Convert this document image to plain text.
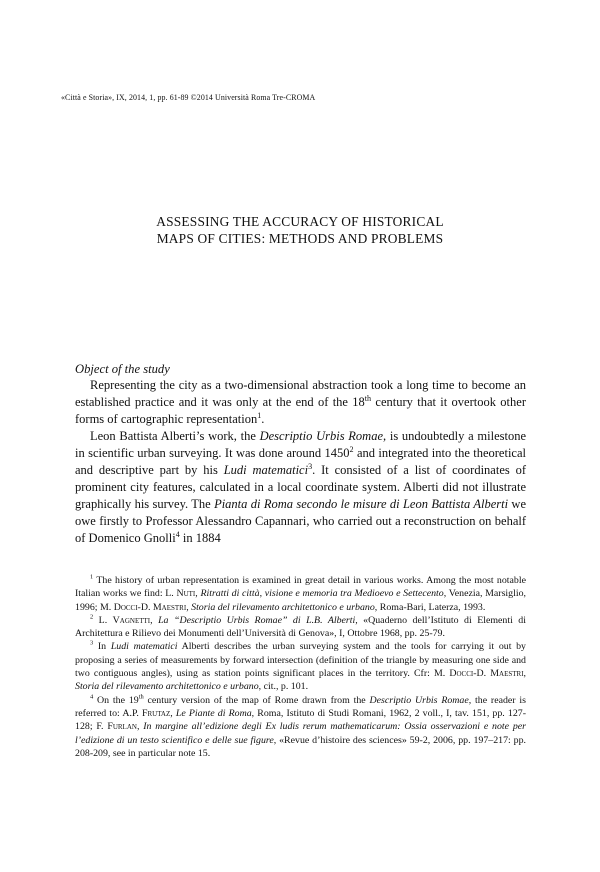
«Città e Storia», IX, 2014, 1, pp. 61-89 ©2014 Università Roma Tre-CROMA
ASSESSING THE ACCURACY OF HISTORICAL
MAPS OF CITIES: METHODS AND PROBLEMS
Object of the study

Representing the city as a two-dimensional abstraction took a long time to become an established practice and it was only at the end of the 18th century that it overtook other forms of cartographic representation$^1$.

Leon Battista Alberti’s work, the Descriptio Urbis Romae, is undoubtedly a milestone in scientific urban surveying. It was done around 1450$^2$ and integrated into the theoretical and descriptive part by his Ludi matematici$^3$. It consisted of a list of coordinates of prominent city features, calculated in a local coordinate system. Alberti did not illustrate graphically his survey. The Pianta di Roma secondo le misure di Leon Battista Alberti we owe firstly to Professor Alessandro Capannari, who carried out a reconstruction on behalf of Domenico Gnolli$^4$ in 1884

$^1$ The history of urban representation is examined in great detail in various works. Among the most notable Italian works we find: L. Nuti, Ritratti di città, visione e memoria tra Medioevo e Settecento, Venezia, Marsiglio, 1996; M. Docci-D. Maestri, Storia del rilevamento architettonico e urbano, Roma-Bari, Laterza, 1993.

$^2$ L. Vagnetti, La “Descriptio Urbis Romae” di L.B. Alberti, «Quaderno dell’Istituto di Elementi di Architettura e Rilievo dei Monumenti dell’Università di Genova», I, Ottobre 1968, pp. 25-79.

$^3$ In Ludi matematici Alberti describes the urban surveying system and the tools for carrying it out by proposing a series of measurements by forward intersection (definition of the triangle by measuring one side and two contiguous angles), using as station points significant places in the territory. Cfr: M. Docci-D. Maestri, Storia del rilevamento architettonico e urbano, cit., p. 101.

$^4$ On the 19th century version of the map of Rome drawn from the Descriptio Urbis Romae, the reader is referred to: A.P. Frutaz, Le Piante di Roma, Roma, Istituto di Studi Romani, 1962, 2 voll., I, tav. 151, pp. 127-128; F. Furlan, In margine all’edizione degli Ex ludis rerum mathematicarum: Ossia osservazioni e note per l’edizione di un testo scientifico e delle sue figure, «Revue d’histoire des sciences» 59-2, 2006, pp. 197–217: pp. 208-209, see in particular note 15.
